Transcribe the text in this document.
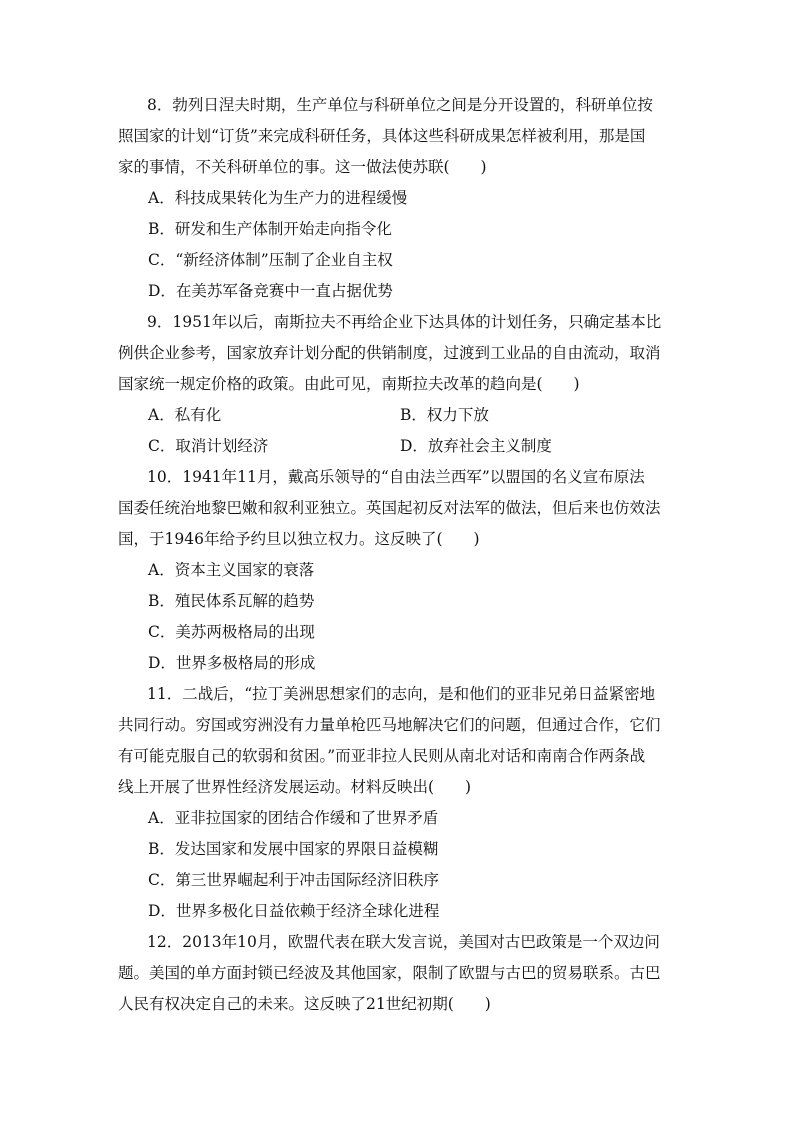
8．勃列日涅夫时期，生产单位与科研单位之间是分开设置的，科研单位按
照国家的计划“订货”来完成科研任务，具体这些科研成果怎样被利用，那是国
家的事情，不关科研单位的事。这一做法使苏联(　　)
A．科技成果转化为生产力的进程缓慢
B．研发和生产体制开始走向指令化
C．“新经济体制”压制了企业自主权
D．在美苏军备竞赛中一直占据优势
9．1951年以后，南斯拉夫不再给企业下达具体的计划任务，只确定基本比
例供企业参考，国家放弃计划分配的供销制度，过渡到工业品的自由流动，取消
国家统一规定价格的政策。由此可见，南斯拉夫改革的趋向是(　　)
A．私有化	B．权力下放
C．取消计划经济	D．放弃社会主义制度
10．1941年11月，戴高乐领导的“自由法兰西军”以盟国的名义宣布原法
国委任统治地黎巴嫩和叙利亚独立。英国起初反对法军的做法，但后来也仿效法
国，于1946年给予约旦以独立权力。这反映了(　　)
A．资本主义国家的衰落
B．殖民体系瓦解的趋势
C．美苏两极格局的出现
D．世界多极格局的形成
11．二战后，“拉丁美洲思想家们的志向，是和他们的亚非兄弟日益紧密地
共同行动。穷国或穷洲没有力量单枪匹马地解决它们的问题，但通过合作，它们
有可能克服自己的软弱和贫困。”而亚非拉人民则从南北对话和南南合作两条战
线上开展了世界性经济发展运动。材料反映出(　　)
A．亚非拉国家的团结合作缓和了世界矛盾
B．发达国家和发展中国家的界限日益模糊
C．第三世界崛起利于冲击国际经济旧秩序
D．世界多极化日益依赖于经济全球化进程
12．2013年10月，欧盟代表在联大发言说，美国对古巴政策是一个双边问
题。美国的单方面封锁已经波及其他国家，限制了欧盟与古巴的贸易联系。古巴
人民有权决定自己的未来。这反映了21世纪初期(　　)
